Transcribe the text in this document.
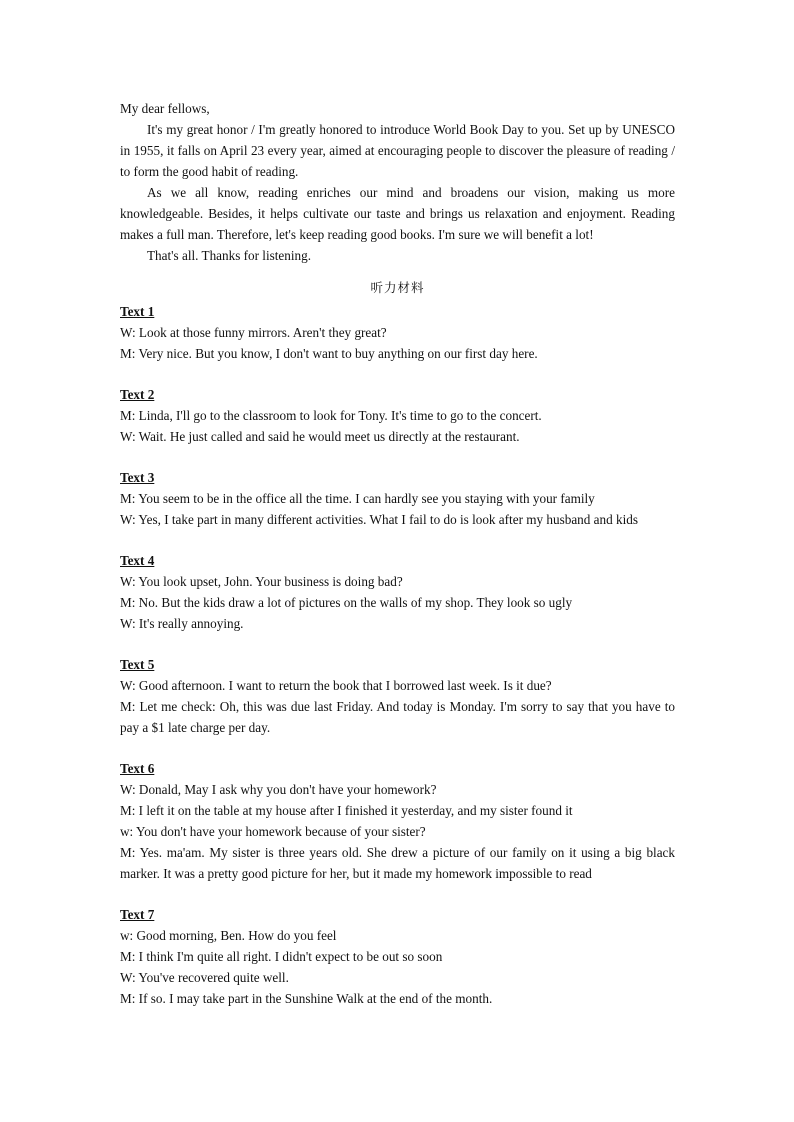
My dear fellows,
It's my great honor / I'm greatly honored to introduce World Book Day to you. Set up by UNESCO in 1955, it falls on April 23 every year, aimed at encouraging people to discover the pleasure of reading / to form the good habit of reading.
As we all know, reading enriches our mind and broadens our vision, making us more knowledgeable. Besides, it helps cultivate our taste and brings us relaxation and enjoyment. Reading makes a full man. Therefore, let's keep reading good books. I'm sure we will benefit a lot!
That's all. Thanks for listening.
听力材料
Text 1
W: Look at those funny mirrors. Aren't they great?
M: Very nice. But you know, I don't want to buy anything on our first day here.
Text 2
M: Linda, I'll go to the classroom to look for Tony. It's time to go to the concert.
W: Wait. He just called and said he would meet us directly at the restaurant.
Text 3
M: You seem to be in the office all the time. I can hardly see you staying with your family
W: Yes, I take part in many different activities. What I fail to do is look after my husband and kids
Text 4
W: You look upset, John. Your business is doing bad?
M: No. But the kids draw a lot of pictures on the walls of my shop. They look so ugly
W: It's really annoying.
Text 5
W: Good afternoon. I want to return the book that I borrowed last week. Is it due?
M: Let me check: Oh, this was due last Friday. And today is Monday. I'm sorry to say that you have to pay a $1 late charge per day.
Text 6
W: Donald, May I ask why you don't have your homework?
M: I left it on the table at my house after I finished it yesterday, and my sister found it
w: You don't have your homework because of your sister?
M: Yes. ma'am. My sister is three years old. She drew a picture of our family on it using a big black marker. It was a pretty good picture for her, but it made my homework impossible to read
Text 7
w: Good morning, Ben. How do you feel
M: I think I'm quite all right. I didn't expect to be out so soon
W: You've recovered quite well.
M: If so. I may take part in the Sunshine Walk at the end of the month.
